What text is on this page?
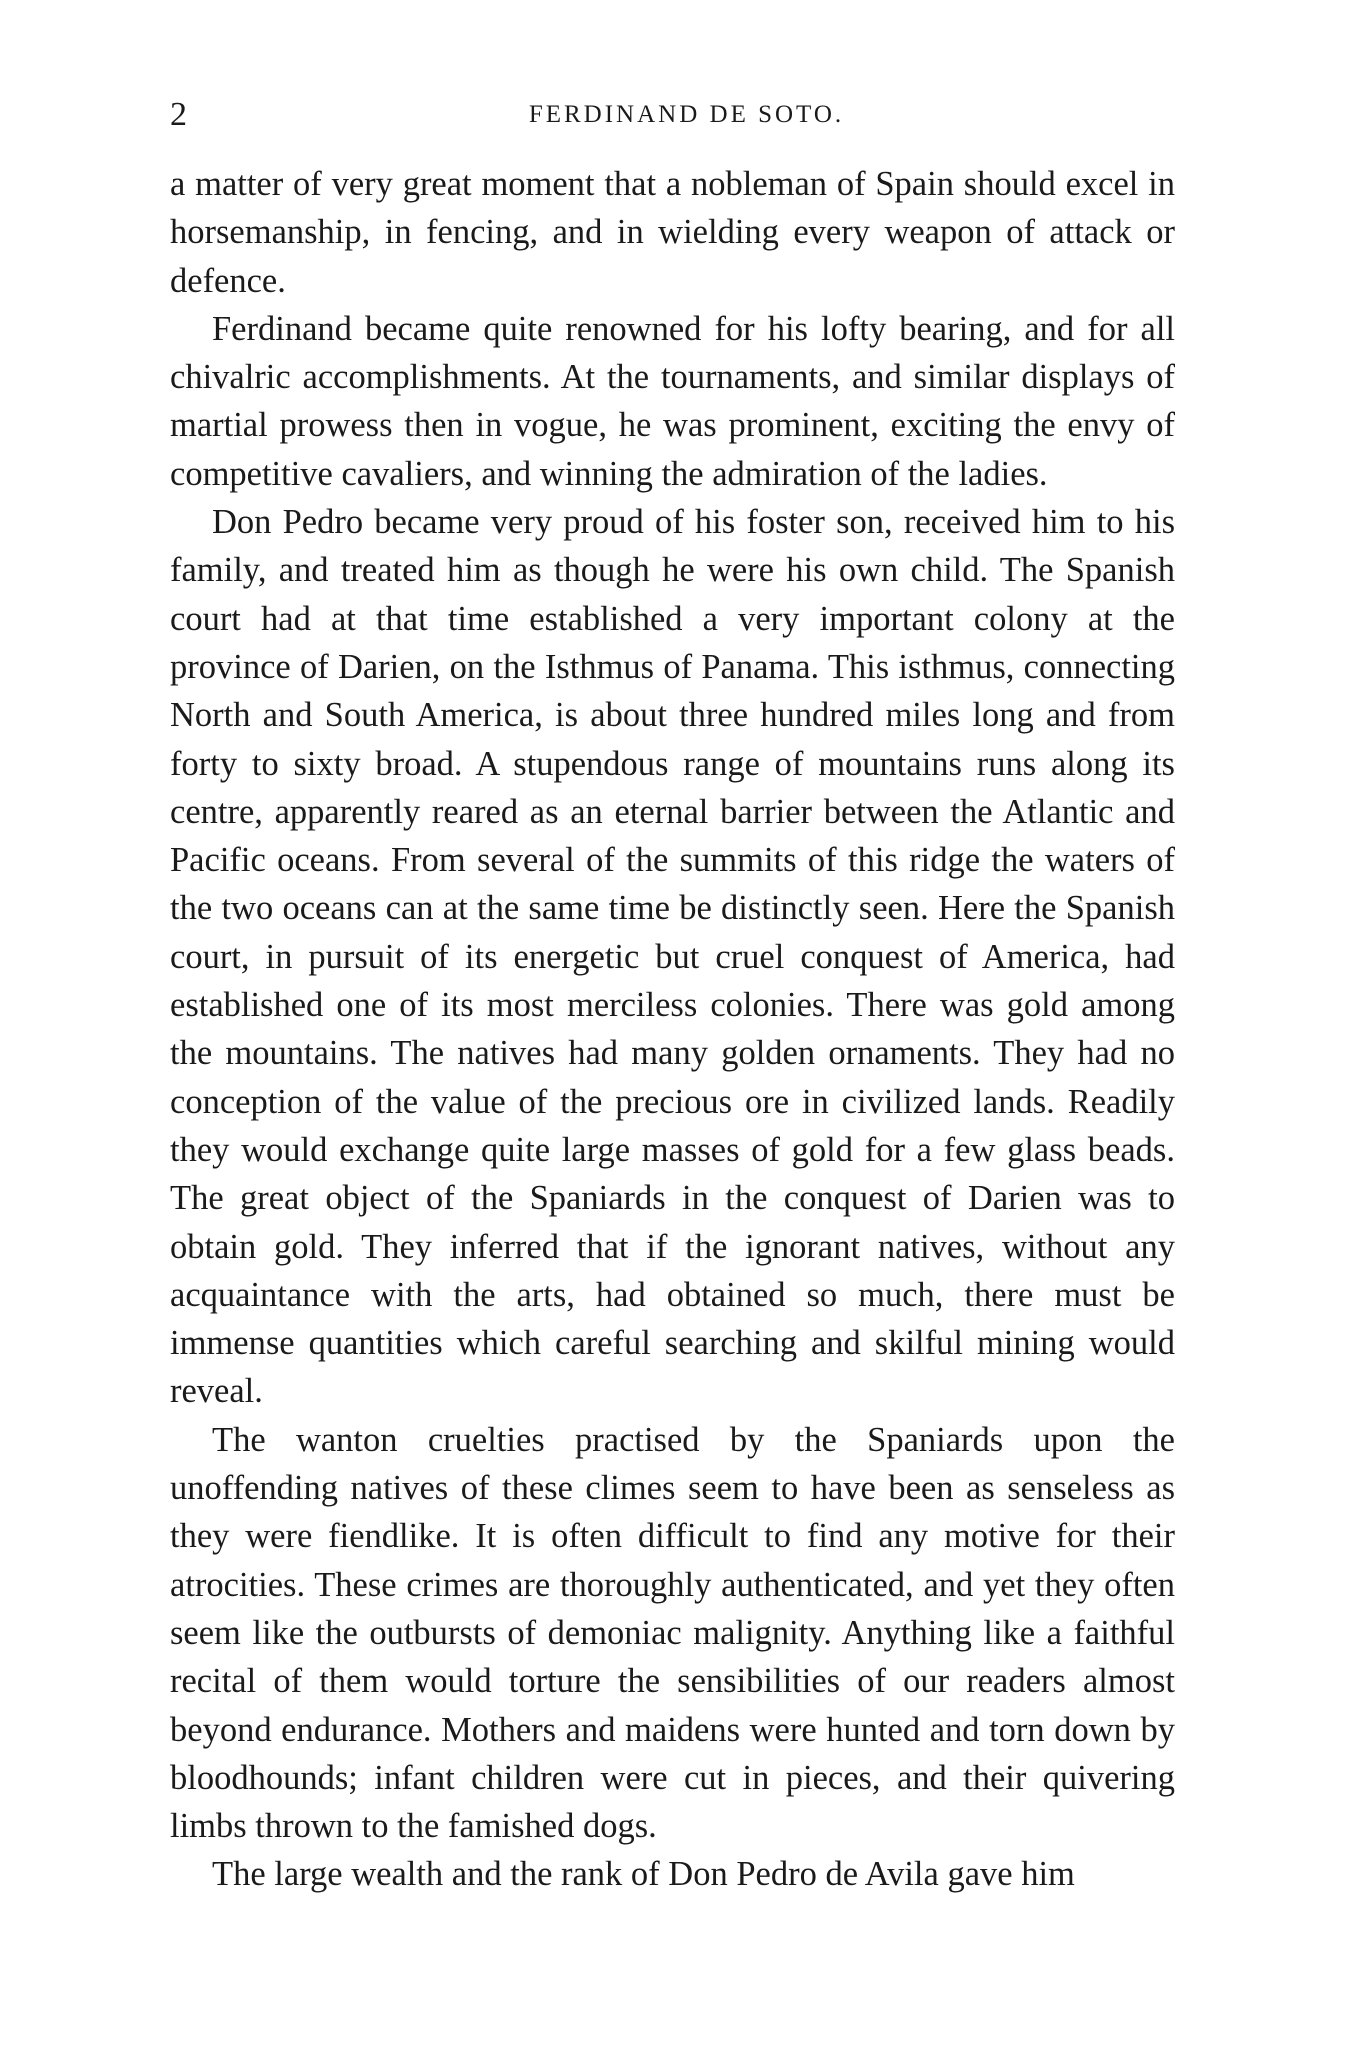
2	FERDINAND DE SOTO.

a matter of very great moment that a nobleman of Spain should excel in horsemanship, in fencing, and in wielding every weapon of attack or defence.

Ferdinand became quite renowned for his lofty bearing, and for all chivalric accomplishments. At the tournaments, and similar displays of martial prowess then in vogue, he was prominent, exciting the envy of competitive cavaliers, and winning the admiration of the ladies.

Don Pedro became very proud of his foster son, received him to his family, and treated him as though he were his own child. The Spanish court had at that time established a very important colony at the province of Darien, on the Isthmus of Panama. This isthmus, connecting North and South America, is about three hundred miles long and from forty to sixty broad. A stupendous range of mountains runs along its centre, apparently reared as an eternal barrier between the Atlantic and Pacific oceans. From several of the summits of this ridge the waters of the two oceans can at the same time be distinctly seen. Here the Spanish court, in pursuit of its energetic but cruel conquest of America, had established one of its most merciless colonies. There was gold among the mountains. The natives had many golden ornaments. They had no conception of the value of the precious ore in civilized lands. Readily they would exchange quite large masses of gold for a few glass beads. The great object of the Spaniards in the conquest of Darien was to obtain gold. They inferred that if the ignorant natives, without any acquaintance with the arts, had obtained so much, there must be immense quantities which careful searching and skilful mining would reveal.

The wanton cruelties practised by the Spaniards upon the unoffending natives of these climes seem to have been as senseless as they were fiendlike. It is often difficult to find any motive for their atrocities. These crimes are thoroughly authenticated, and yet they often seem like the outbursts of demoniac malignity. Anything like a faithful recital of them would torture the sensibilities of our readers almost beyond endurance. Mothers and maidens were hunted and torn down by bloodhounds; infant children were cut in pieces, and their quivering limbs thrown to the famished dogs.

The large wealth and the rank of Don Pedro de Avila gave him
